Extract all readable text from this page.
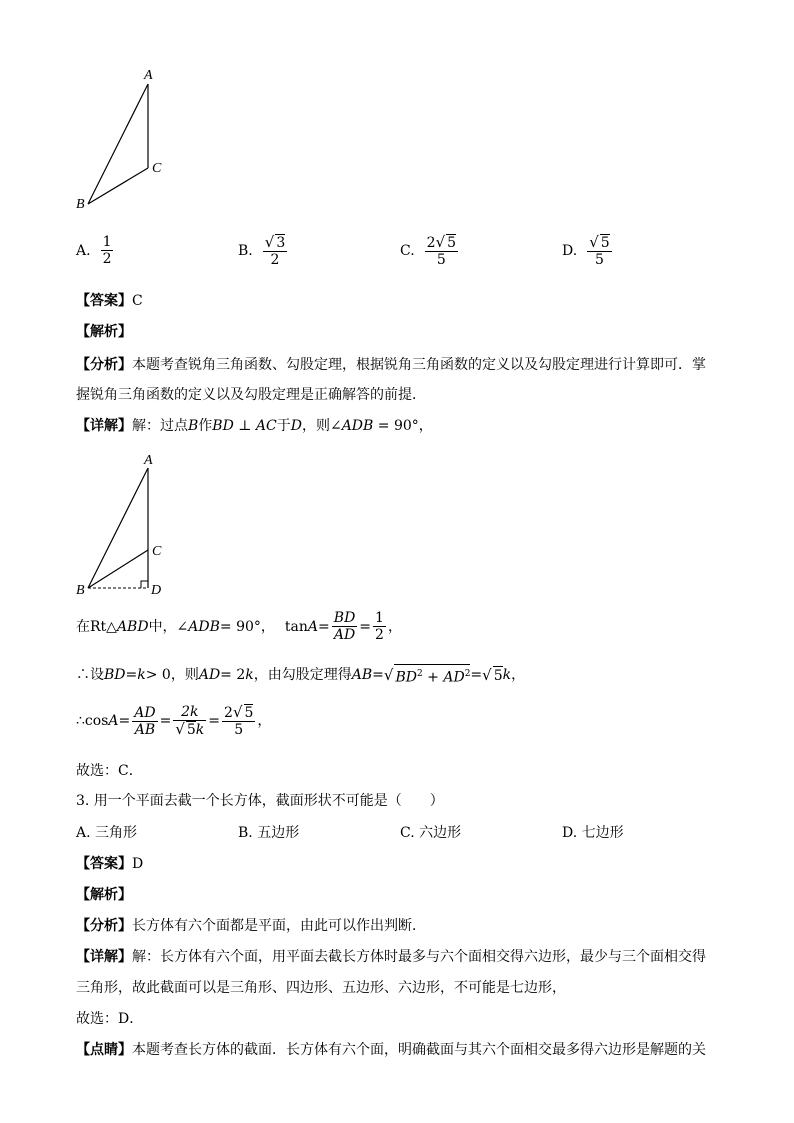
A
C
B
A. $\frac{1}{2}$	B. $\frac{√ 3}{2}$	C. $\frac{2√ 5}{5}$	D. $\frac{√ 5}{5}$
【答案】C
【解析】
【分析】本题考查锐角三角函数、勾股定理，根据锐角三角函数的定义以及勾股定理进行计算即可．掌
握锐角三角函数的定义以及勾股定理是正确解答的前提．
【详解】解：过点B作BD ⊥ AC于D，则∠ADB = 90°，
A
C
B	D
在Rt△ ABD 中，∠ ADB = 90°， $\tan A = \frac{BD}{AD} = \frac{1}{2}$ ，
∴设 BD = k > 0，则 AD = 2 k ，由勾股定理得 AB = √ $BD^2 + AD^2$ = √ 5 k ，
∴cos $A = \frac{AD}{AB} = \frac{2k}{√ 5k} = \frac{2√ 5}{5}$ ，
故选：C．
3. 用一个平面去截一个长方体，截面形状不可能是（　　）
A. 三角形	B. 五边形	C. 六边形	D. 七边形
【答案】D
【解析】
【分析】长方体有六个面都是平面，由此可以作出判断．
【详解】解：长方体有六个面，用平面去截长方体时最多与六个面相交得六边形，最少与三个面相交得
三角形，故此截面可以是三角形、四边形、五边形、六边形，不可能是七边形，
故选：D．
【点睛】本题考查长方体的截面．长方体有六个面，明确截面与其六个面相交最多得六边形是解题的关
